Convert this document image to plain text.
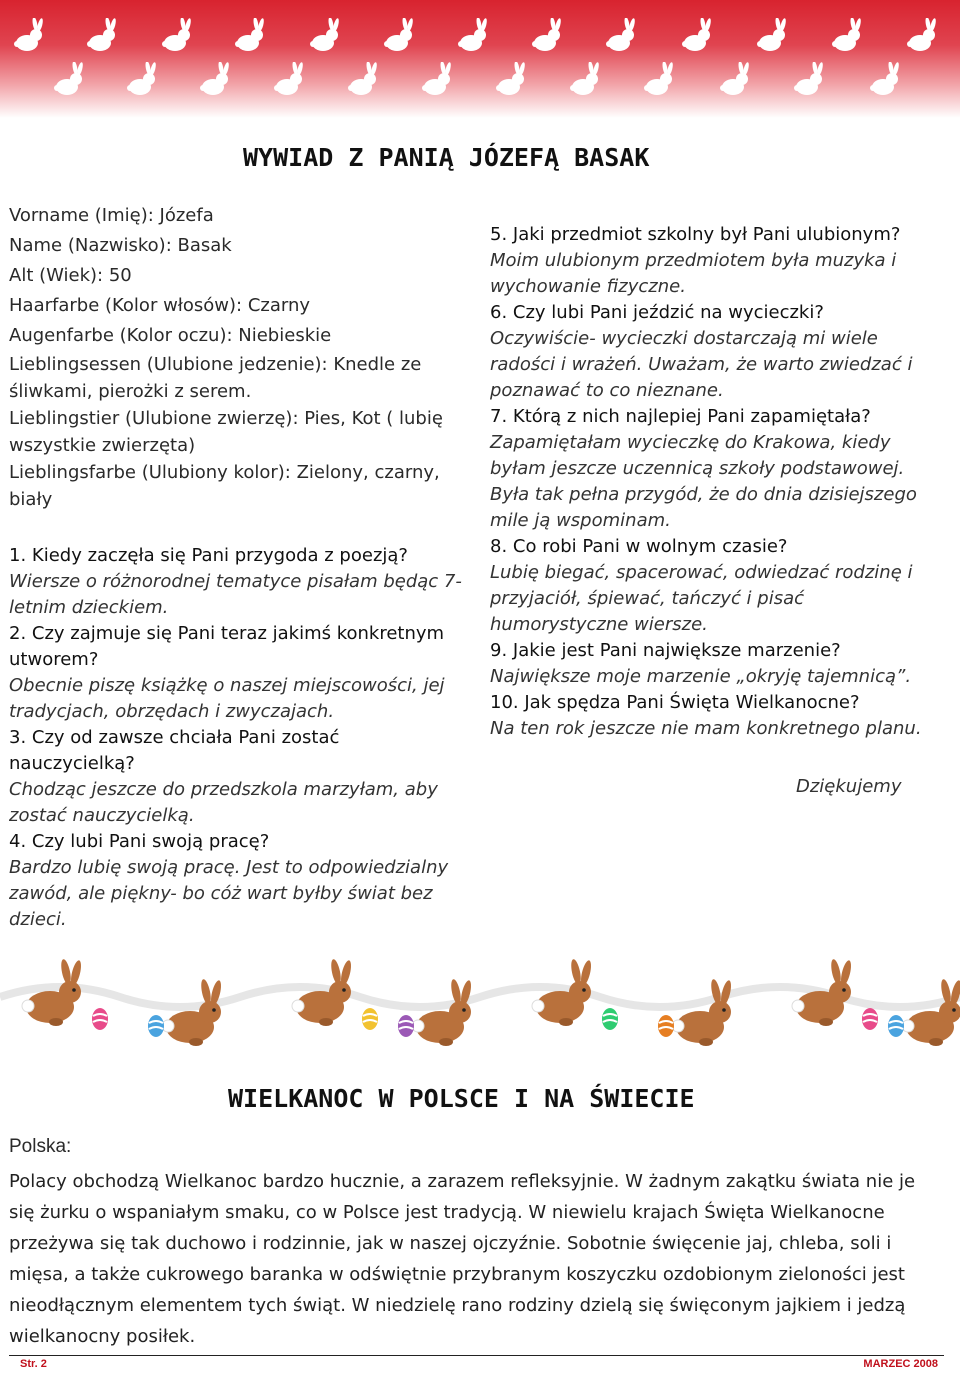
WYWIAD Z PANIĄ JÓZEFĄ BASAK

Vorname (Imię): Józefa

Name (Nazwisko): Basak

Alt (Wiek): 50

Haarfarbe (Kolor włosów): Czarny

Augenfarbe (Kolor oczu): Niebieskie

Lieblingsessen (Ulubione jedzenie): Knedle ze śliwkami, pierożki z serem.

Lieblingstier (Ulubione zwierzę): Pies, Kot ( lubię wszystkie zwierzęta)

Lieblingsfarbe (Ulubiony kolor): Zielony, czarny, biały

1. Kiedy zaczęła się Pani przygoda z poezją?

Wiersze o różnorodnej tematyce pisałam będąc 7-letnim dzieckiem.

2. Czy zajmuje się Pani teraz jakimś konkretnym utworem?

Obecnie piszę książkę o naszej miejscowości, jej tradycjach, obrzędach i zwyczajach.

3. Czy od zawsze chciała Pani zostać nauczycielką?

Chodząc jeszcze do przedszkola marzyłam, aby zostać nauczycielką.

4. Czy lubi Pani swoją pracę?

Bardzo lubię swoją pracę. Jest to odpowiedzialny zawód, ale piękny- bo cóż wart byłby świat bez dzieci.

5. Jaki przedmiot szkolny był Pani ulubionym?

Moim ulubionym przedmiotem była muzyka i wychowanie fizyczne.

6. Czy lubi Pani jeździć na wycieczki?

Oczywiście- wycieczki dostarczają mi wiele radości i wrażeń. Uważam, że warto zwiedzać i poznawać to co nieznane.

7. Którą z nich najlepiej Pani zapamiętała?

Zapamiętałam wycieczkę do Krakowa, kiedy byłam jeszcze uczennicą szkoły podstawowej. Była tak pełna przygód, że do dnia dzisiejszego mile ją wspominam.

8. Co robi Pani w wolnym czasie?

Lubię biegać, spacerować, odwiedzać rodzinę i przyjaciół, śpiewać, tańczyć i pisać humorystyczne wiersze.

9. Jakie jest Pani największe marzenie?

Największe moje marzenie „okryję tajemnicą”.

10. Jak spędza Pani Święta Wielkanocne?

Na ten rok jeszcze nie mam konkretnego planu.

Dziękujemy

WIELKANOC W POLSCE I NA ŚWIECIE
Polska:

Polacy obchodzą Wielkanoc bardzo hucznie, a zarazem refleksyjnie. W żadnym zakątku świata nie je się żurku o wspaniałym smaku, co w Polsce jest tradycją. W niewielu krajach Święta Wielkanocne przeżywa się tak duchowo i rodzinnie, jak w naszej ojczyźnie. Sobotnie święcenie jaj, chleba, soli i mięsa, a także cukrowego baranka w odświętnie przybranym koszyczku ozdobionym zieloności jest nieodłącznym elementem tych świąt. W niedzielę rano rodziny dzielą się święconym jajkiem i jedzą wielkanocny posiłek.

Str. 2	MARZEC 2008
